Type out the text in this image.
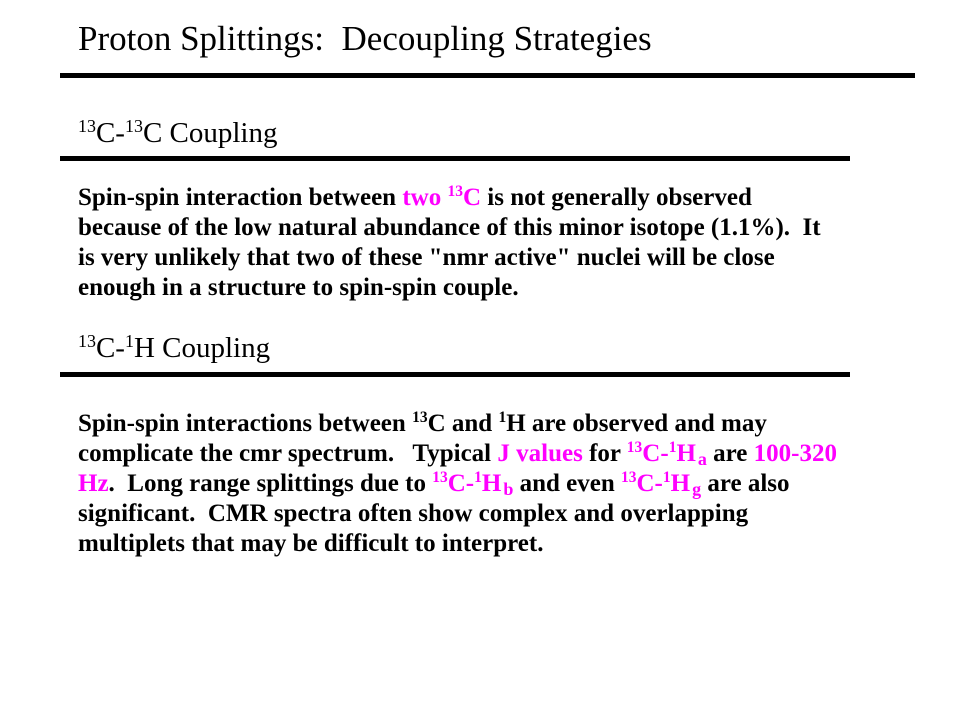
Proton Splittings:  Decoupling Strategies
$^{13}$C-$^{13}$C Coupling
Spin-spin interaction between two $^{13}$C is not generally observed
because of the low natural abundance of this minor isotope (1.1%).  It
is very unlikely that two of these "nmr active" nuclei will be close
enough in a structure to spin-spin couple.
$^{13}$C-$^1$H Coupling
Spin-spin interactions between $^{13}$C and $^1$H are observed and may
complicate the cmr spectrum.   Typical J values for $^{13}$C-$^1$H a are 100-320
Hz.  Long range splittings due to $^{13}$C-$^1$H b and even $^{13}$C-$^1$H g are also
significant.  CMR spectra often show complex and overlapping
multiplets that may be difficult to interpret.
